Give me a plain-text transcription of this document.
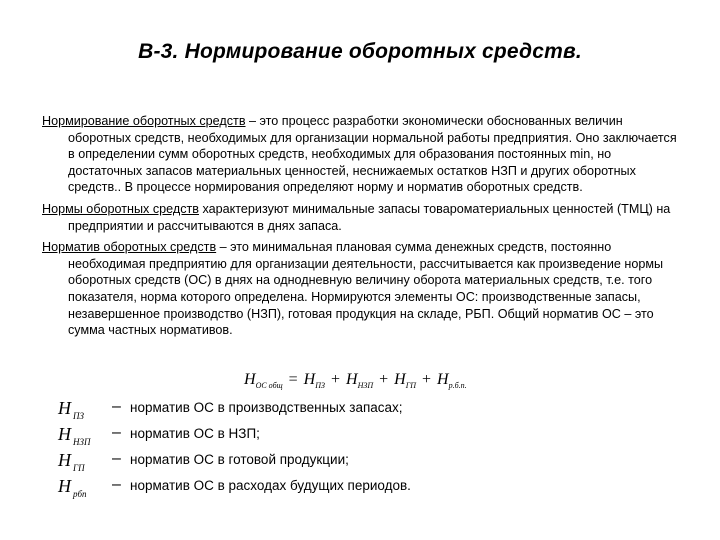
В-3. Нормирование оборотных средств.

Нормирование оборотных средств – это процесс разработки экономически обоснованных величин оборотных средств, необходимых для организации нормальной работы предприятия. Оно заключается в определении сумм оборотных средств, необходимых для образования постоянных min, но достаточных запасов материальных ценностей, неснижаемых остатков НЗП и других оборотных средств.. В процессе нормирования определяют норму и норматив оборотных средств.

Нормы оборотных средств характеризуют минимальные запасы товароматериальных ценностей (ТМЦ) на предприятии и рассчитываются в днях запаса.

Норматив оборотных средств – это минимальная плановая сумма денежных средств, постоянно необходимая предприятию для организации деятельности, рассчитывается как произведение нормы оборотных средств (ОС) в днях на однодневную величину оборота материальных средств, т.е. того показателя, норма которого определена. Нормируются элементы ОС: производственные запасы, незавершенное производство (НЗП), готовая продукция на складе, РБП. Общий норматив ОС – это сумма частных нормативов.

$Н_{ОС общ} = Н_{ПЗ} + Н_{НЗП} + Н_{ГП} + Н_{р.б.п.}$
Н $_{ПЗ}$
– норматив ОС в производственных запасах;
Н $_{НЗП}$
– норматив ОС в НЗП;
Н $_{ГП}$
– норматив ОС в готовой продукции;
Н $_{рбп}$
– норматив ОС в расходах будущих периодов.
